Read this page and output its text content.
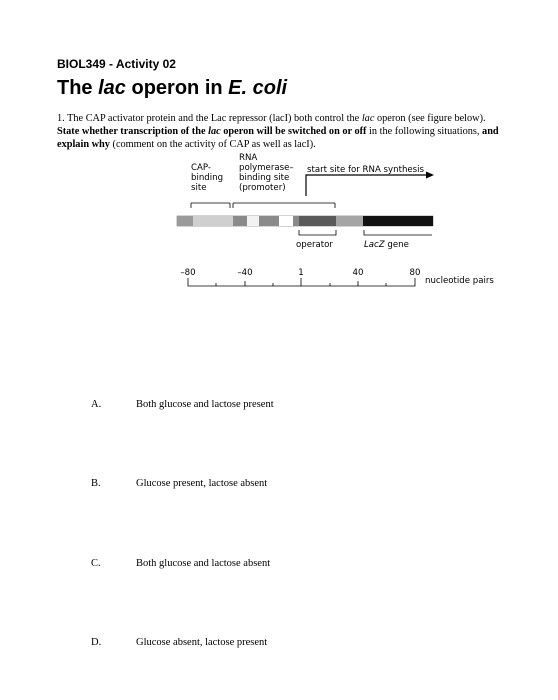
BIOL349 - Activity 02
The lac operon in E. coli
1. The CAP activator protein and the Lac repressor (lacI) both control the lac operon (see figure below). State whether transcription of the lac operon will be switched on or off in the following situations, and explain why (comment on the activity of CAP as well as lacI).
CAP-
binding
site
RNA
polymerase–
binding site
(promoter)
start site for RNA synthesis
operator	LacZ gene
–80	–40	1	40	80
nucleotide pairs
A.	Both glucose and lactose present
B.	Glucose present, lactose absent
C.	Both glucose and lactose absent
D.	Glucose absent, lactose present
